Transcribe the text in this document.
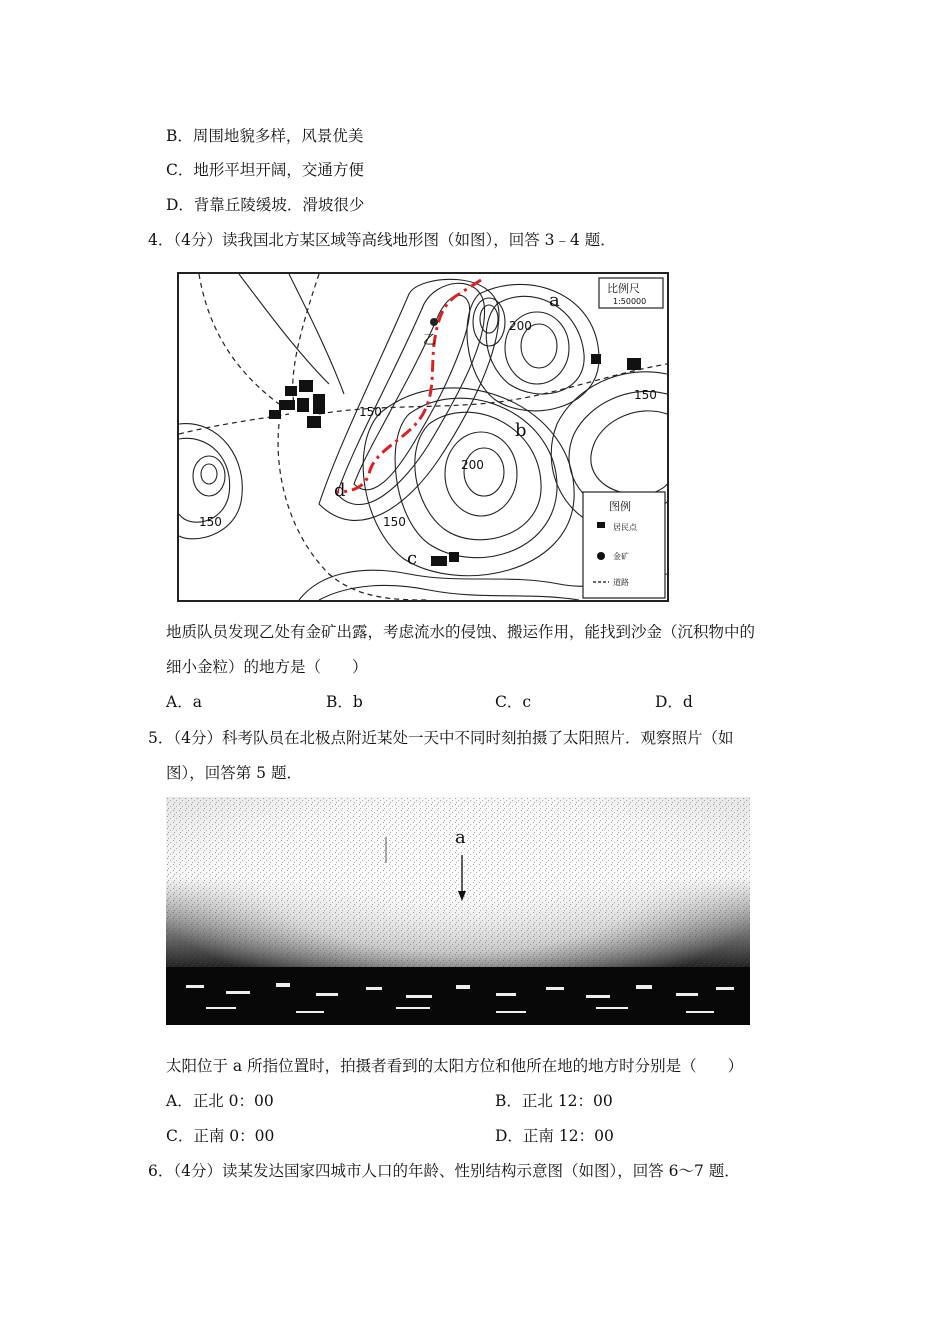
B．周围地貌多样，风景优美
C．地形平坦开阔，交通方便
D．背靠丘陵缓坡．滑坡很少
4．（4分）读我国北方某区域等高线地形图（如图），回答 3﹣4 题．
200
150
150
200
150
150
a
b
c
d
乙
比例尺
1:50000
图例
居民点
金矿
道路
地质队员发现乙处有金矿出露，考虑流水的侵蚀、搬运作用，能找到沙金（沉积物中的
细小金粒）的地方是（　　）
A．a	B．b	C．c	D．d
5．（4分）科考队员在北极点附近某处一天中不同时刻拍摄了太阳照片．观察照片（如
图），回答第 5 题．
a
太阳位于 a 所指位置时，拍摄者看到的太阳方位和他所在地的地方时分别是（　　）
A．正北 0：00	B．正北 12：00
C．正南 0：00	D．正南 12：00
6．（4分）读某发达国家四城市人口的年龄、性别结构示意图（如图），回答 6～7 题．
